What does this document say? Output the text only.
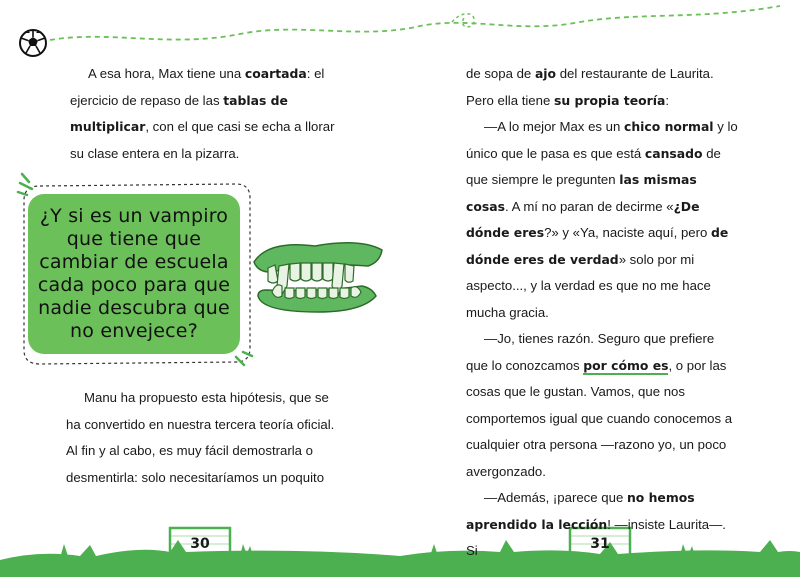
A esa hora, Max tiene una coartada: el ejercicio de repaso de las tablas de multiplicar, con el que casi se echa a llorar su clase entera en la pizarra.

¿Y si es un vampiro que tiene que cambiar de escuela cada poco para que nadie descubra que no envejece?

Manu ha propuesto esta hipótesis, que se ha convertido en nuestra tercera teoría oficial. Al fin y al cabo, es muy fácil demostrarla o desmentirla: solo necesitaríamos un poquito

30

de sopa de ajo del restaurante de Laurita.

Pero ella tiene su propia teoría:

—A lo mejor Max es un chico normal y lo único que le pasa es que está cansado de que siempre le pregunten las mismas cosas. A mí no paran de decirme «¿De dónde eres?» y «Ya, naciste aquí, pero de dónde eres de verdad» solo por mi aspecto..., y la verdad es que no me hace mucha gracia.

—Jo, tienes razón. Seguro que prefiere que lo conozcamos por cómo es, o por las cosas que le gustan. Vamos, que nos comportemos igual que cuando conocemos a cualquier otra persona —razono yo, un poco avergonzado.

—Además, ¡parece que no hemos aprendido la lección! —insiste Laurita—. Si	31
